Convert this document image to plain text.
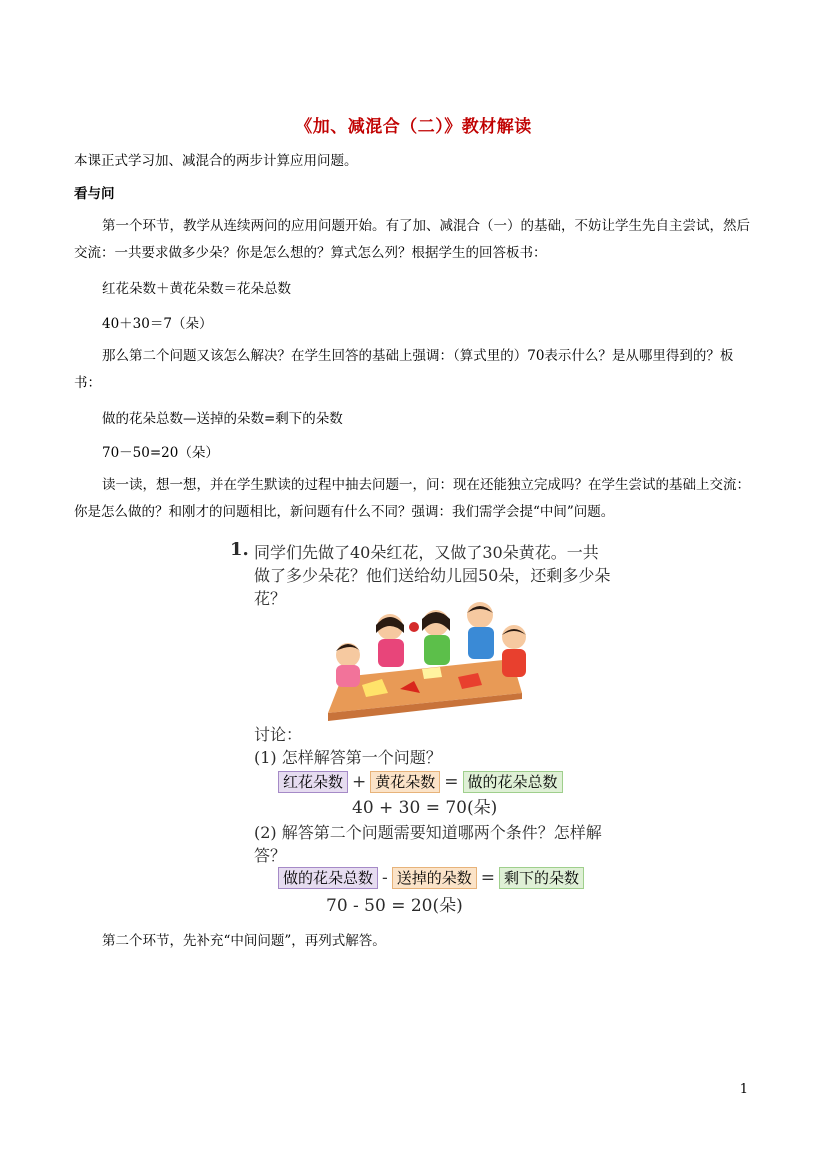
《加、减混合（二）》教材解读
本课正式学习加、减混合的两步计算应用问题。
看与问
第一个环节，教学从连续两问的应用问题开始。有了加、减混合（一）的基础，不妨让学生先自主尝试，然后交流：一共要求做多少朵？你是怎么想的？算式怎么列？根据学生的回答板书：
红花朵数＋黄花朵数＝花朵总数
40＋30＝7（朵）
那么第二个问题又该怎么解决？在学生回答的基础上强调：（算式里的）70表示什么？是从哪里得到的？板书：
做的花朵总数—送掉的朵数=剩下的朵数
70－50=20（朵）
读一读，想一想，并在学生默读的过程中抽去问题一，问：现在还能独立完成吗？在学生尝试的基础上交流：你是怎么做的？和刚才的问题相比，新问题有什么不同？强调：我们需学会提“中间”问题。
1. 同学们先做了40朵红花，又做了30朵黄花。一共做了多少朵花？他们送给幼儿园50朵，还剩多少朵花？
讨论：
(1) 怎样解答第一个问题？
红花朵数 + 黄花朵数 = 做的花朵总数
40 + 30 = 70(朵)
(2) 解答第二个问题需要知道哪两个条件？怎样解答？
做的花朵总数 - 送掉的朵数 = 剩下的朵数
70 - 50 = 20(朵)
第二个环节，先补充“中间问题”，再列式解答。
1
